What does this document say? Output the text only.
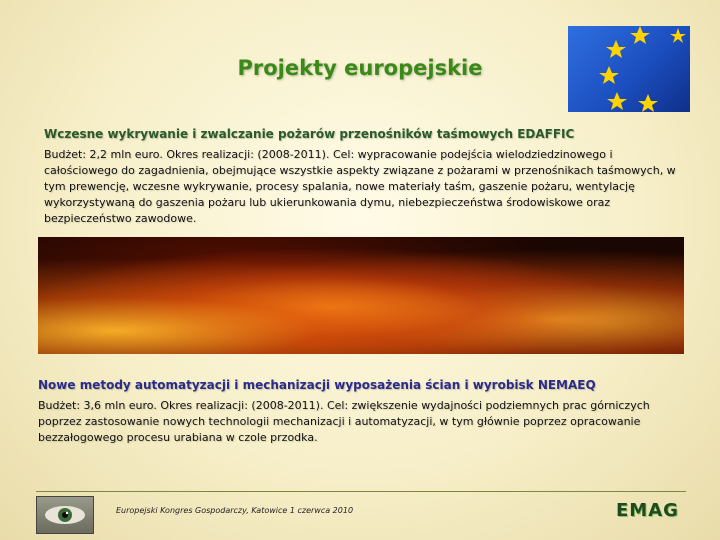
Projekty europejskie
Wczesne wykrywanie i zwalczanie pożarów przenośników taśmowych EDAFFIC
Budżet: 2,2 mln euro. Okres realizacji: (2008-2011). Cel: wypracowanie podejścia wielodziedzinowego i całościowego do zagadnienia, obejmujące wszystkie aspekty związane z pożarami w przenośnikach taśmowych, w tym prewencję, wczesne wykrywanie, procesy spalania, nowe materiały taśm, gaszenie pożaru, wentylację wykorzystywaną do gaszenia pożaru lub ukierunkowania dymu, niebezpieczeństwa środowiskowe oraz bezpieczeństwo zawodowe.
Nowe metody automatyzacji i mechanizacji wyposażenia ścian i wyrobisk NEMAEQ
Budżet: 3,6 mln euro. Okres realizacji: (2008-2011). Cel: zwiększenie wydajności podziemnych prac górniczych poprzez zastosowanie nowych technologii mechanizacji i automatyzacji, w tym głównie poprzez opracowanie bezzałogowego procesu urabiana w czole przodka.
Europejski Kongres Gospodarczy, Katowice 1 czerwca 2010	EMAG
